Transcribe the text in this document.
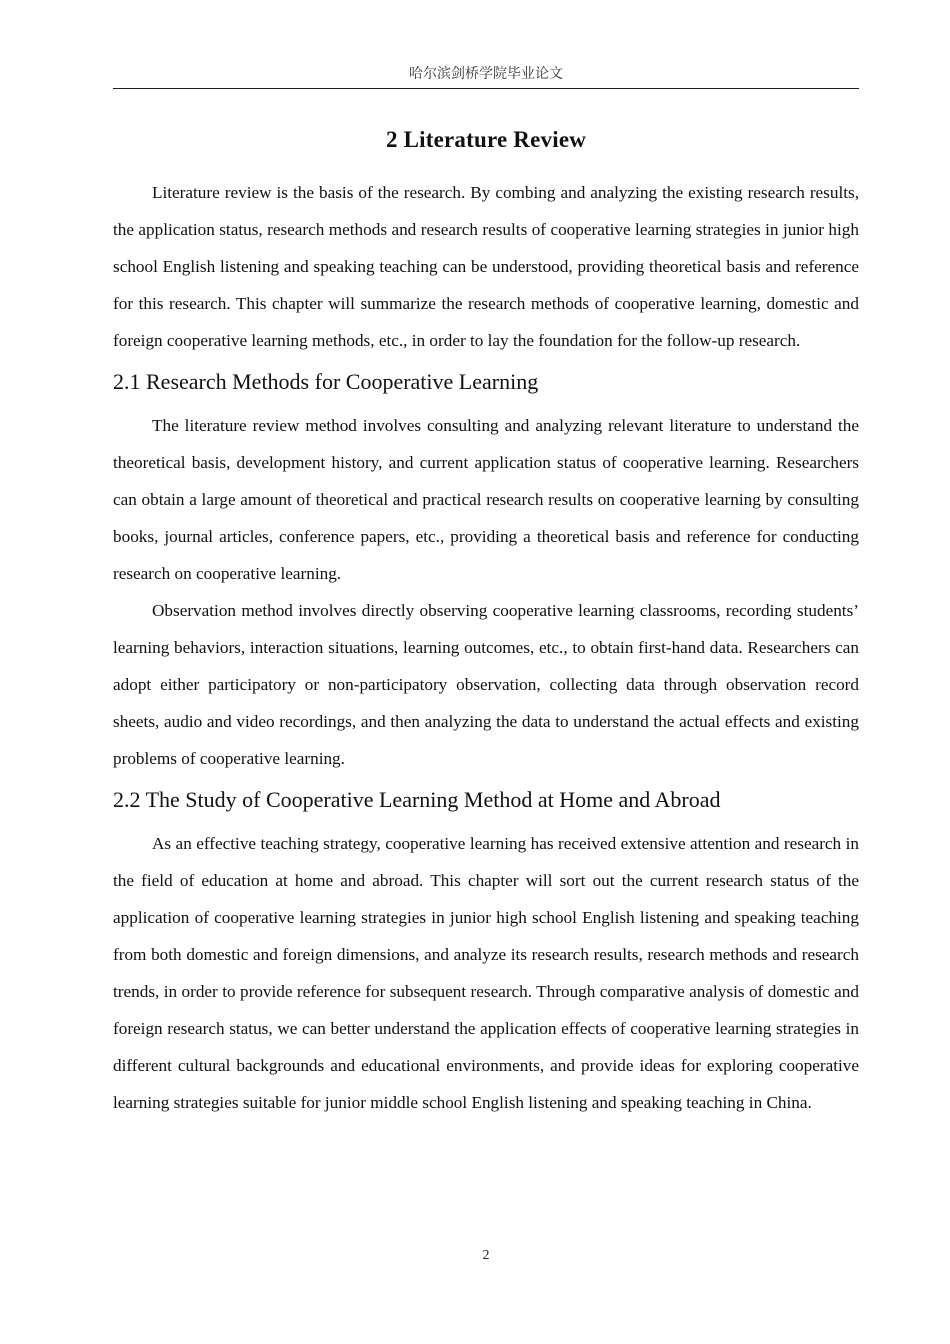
哈尔滨剑桥学院毕业论文
2 Literature Review

Literature review is the basis of the research. By combing and analyzing the existing research results, the application status, research methods and research results of cooperative learning strategies in junior high school English listening and speaking teaching can be understood, providing theoretical basis and reference for this research. This chapter will summarize the research methods of cooperative learning, domestic and foreign cooperative learning methods, etc., in order to lay the foundation for the follow-up research.

2.1 Research Methods for Cooperative Learning

The literature review method involves consulting and analyzing relevant literature to understand the theoretical basis, development history, and current application status of cooperative learning. Researchers can obtain a large amount of theoretical and practical research results on cooperative learning by consulting books, journal articles, conference papers, etc., providing a theoretical basis and reference for conducting research on cooperative learning.

Observation method involves directly observing cooperative learning classrooms, recording students’ learning behaviors, interaction situations, learning outcomes, etc., to obtain first-hand data. Researchers can adopt either participatory or non-participatory observation, collecting data through observation record sheets, audio and video recordings, and then analyzing the data to understand the actual effects and existing problems of cooperative learning.

2.2 The Study of Cooperative Learning Method at Home and Abroad

As an effective teaching strategy, cooperative learning has received extensive attention and research in the field of education at home and abroad. This chapter will sort out the current research status of the application of cooperative learning strategies in junior high school English listening and speaking teaching from both domestic and foreign dimensions, and analyze its research results, research methods and research trends, in order to provide reference for subsequent research. Through comparative analysis of domestic and foreign research status, we can better understand the application effects of cooperative learning strategies in different cultural backgrounds and educational environments, and provide ideas for exploring cooperative learning strategies suitable for junior middle school English listening and speaking teaching in China.

2
